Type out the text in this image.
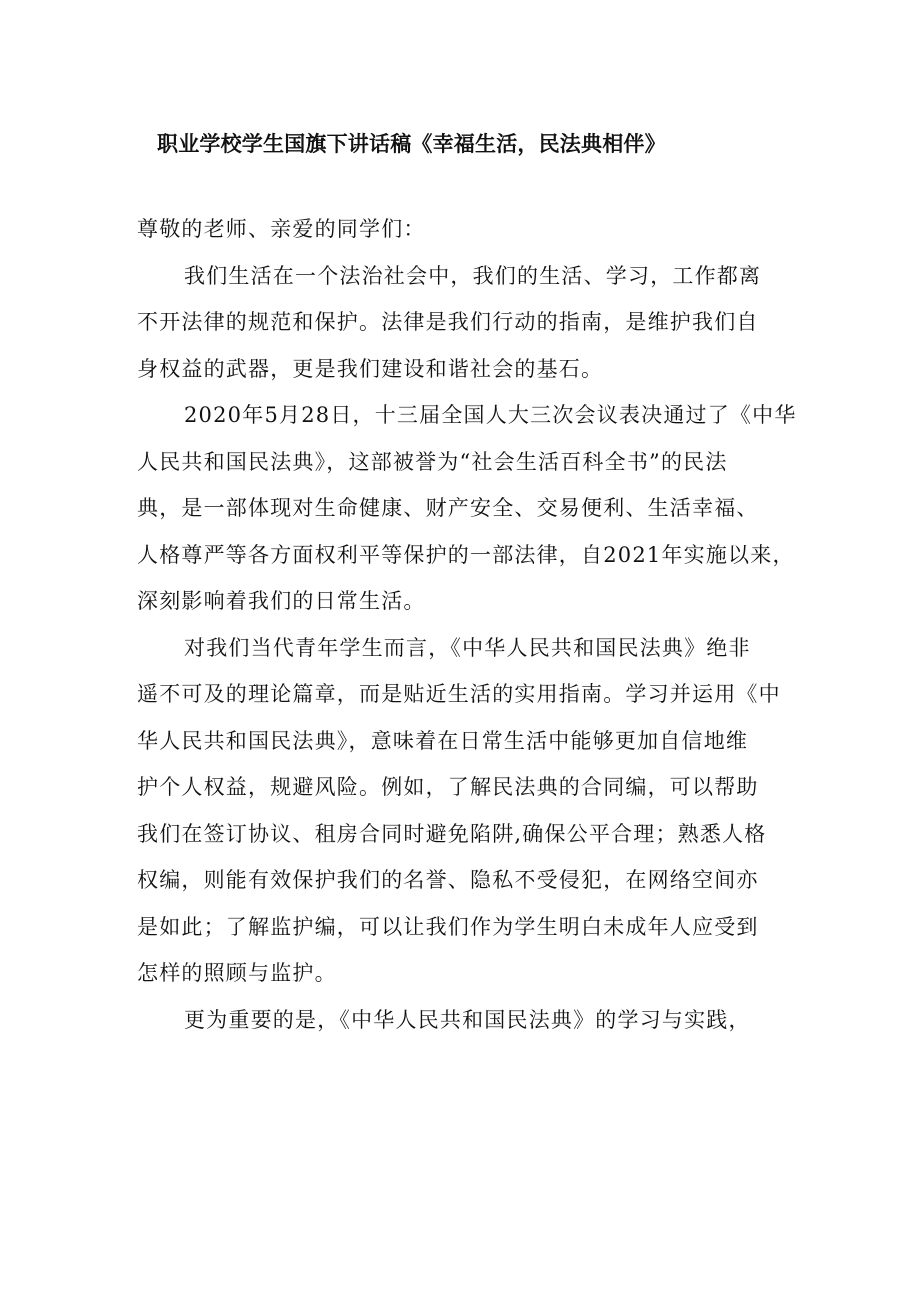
职业学校学生国旗下讲话稿《幸福生活，民法典相伴》

尊敬的老师、亲爱的同学们：

我们生活在一个法治社会中，我们的生活、学习，工作都离
不开法律的规范和保护。法律是我们行动的指南，是维护我们自
身权益的武器，更是我们建设和谐社会的基石。
2020年5月28日，十三届全国人大三次会议表决通过了《中华
人民共和国民法典》，这部被誉为“社会生活百科全书”的民法
典，是一部体现对生命健康、财产安全、交易便利、生活幸福、
人格尊严等各方面权利平等保护的一部法律，自2021年实施以来，
深刻影响着我们的日常生活。
对我们当代青年学生而言，《中华人民共和国民法典》绝非
遥不可及的理论篇章，而是贴近生活的实用指南。学习并运用《中
华人民共和国民法典》，意味着在日常生活中能够更加自信地维
护个人权益，规避风险。例如，了解民法典的合同编，可以帮助
我们在签订协议、租房合同时避免陷阱,确保公平合理；熟悉人格
权编，则能有效保护我们的名誉、隐私不受侵犯，在网络空间亦
是如此；了解监护编，可以让我们作为学生明白未成年人应受到
怎样的照顾与监护。
更为重要的是，《中华人民共和国民法典》的学习与实践，
